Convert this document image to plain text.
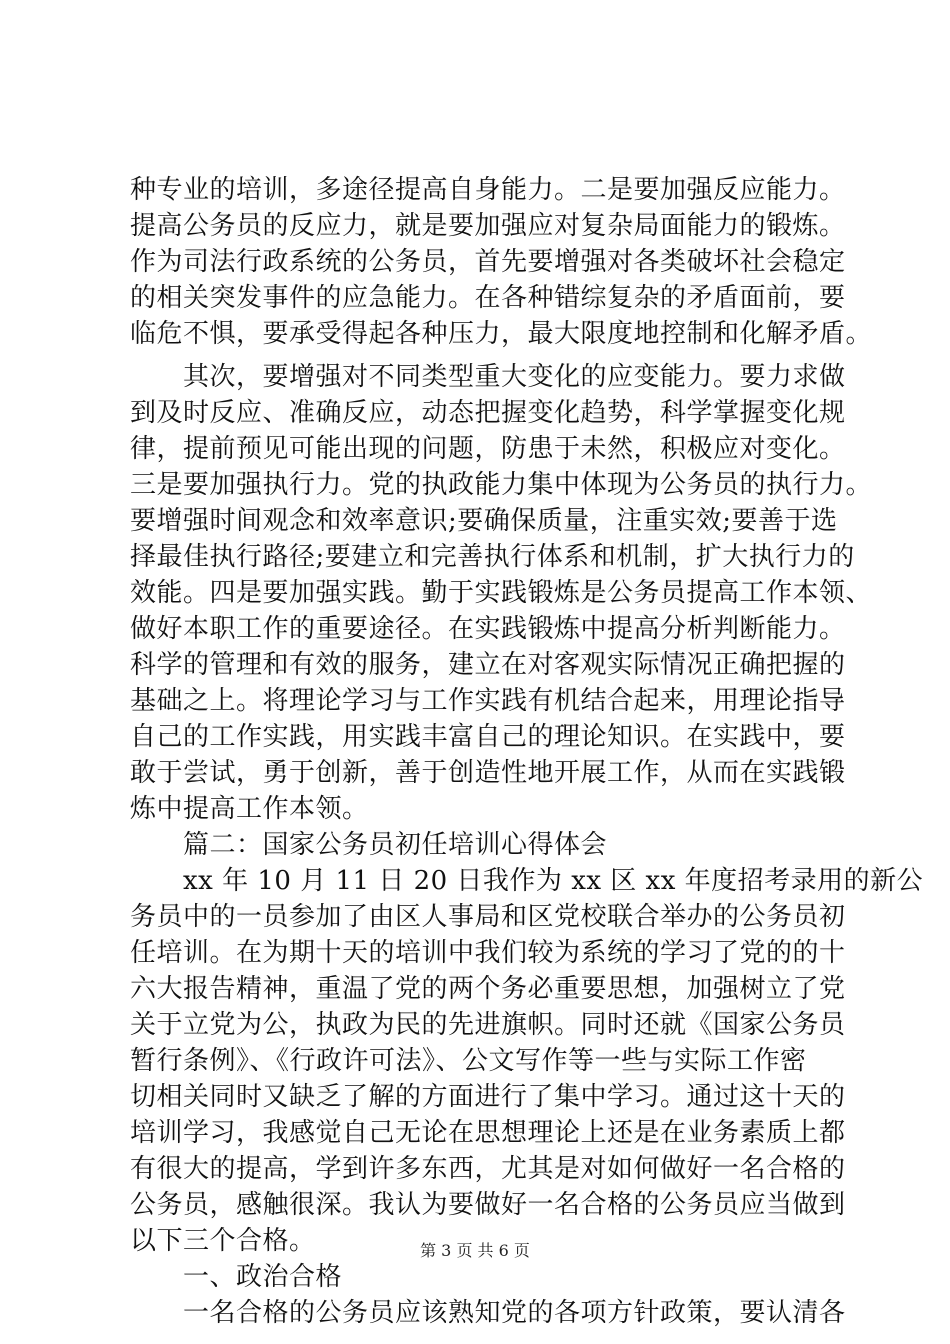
种专业的培训，多途径提高自身能力。二是要加强反应能力。
提高公务员的反应力，就是要加强应对复杂局面能力的锻炼。
作为司法行政系统的公务员，首先要增强对各类破坏社会稳定
的相关突发事件的应急能力。在各种错综复杂的矛盾面前，要
临危不惧，要承受得起各种压力，最大限度地控制和化解矛盾。
　　其次，要增强对不同类型重大变化的应变能力。要力求做
到及时反应、准确反应，动态把握变化趋势，科学掌握变化规
律，提前预见可能出现的问题，防患于未然，积极应对变化。
三是要加强执行力。党的执政能力集中体现为公务员的执行力。
要增强时间观念和效率意识;要确保质量，注重实效;要善于选
择最佳执行路径;要建立和完善执行体系和机制，扩大执行力的
效能。四是要加强实践。勤于实践锻炼是公务员提高工作本领、
做好本职工作的重要途径。在实践锻炼中提高分析判断能力。
科学的管理和有效的服务，建立在对客观实际情况正确把握的
基础之上。将理论学习与工作实践有机结合起来，用理论指导
自己的工作实践，用实践丰富自己的理论知识。在实践中，要
敢于尝试，勇于创新，善于创造性地开展工作，从而在实践锻
炼中提高工作本领。
　　篇二：国家公务员初任培训心得体会
　　xx 年 10 月 11 日 20 日我作为 xx 区 xx 年度招考录用的新公
务员中的一员参加了由区人事局和区党校联合举办的公务员初
任培训。在为期十天的培训中我们较为系统的学习了党的的十
六大报告精神，重温了党的两个务必重要思想，加强树立了党
关于立党为公，执政为民的先进旗帜。同时还就《国家公务员
暂行条例》、《行政许可法》、公文写作等一些与实际工作密
切相关同时又缺乏了解的方面进行了集中学习。通过这十天的
培训学习，我感觉自己无论在思想理论上还是在业务素质上都
有很大的提高，学到许多东西，尤其是对如何做好一名合格的
公务员，感触很深。我认为要做好一名合格的公务员应当做到
以下三个合格。
　　一、政治合格
　　一名合格的公务员应该熟知党的各项方针政策，要认清各
第 3 页 共 6 页
